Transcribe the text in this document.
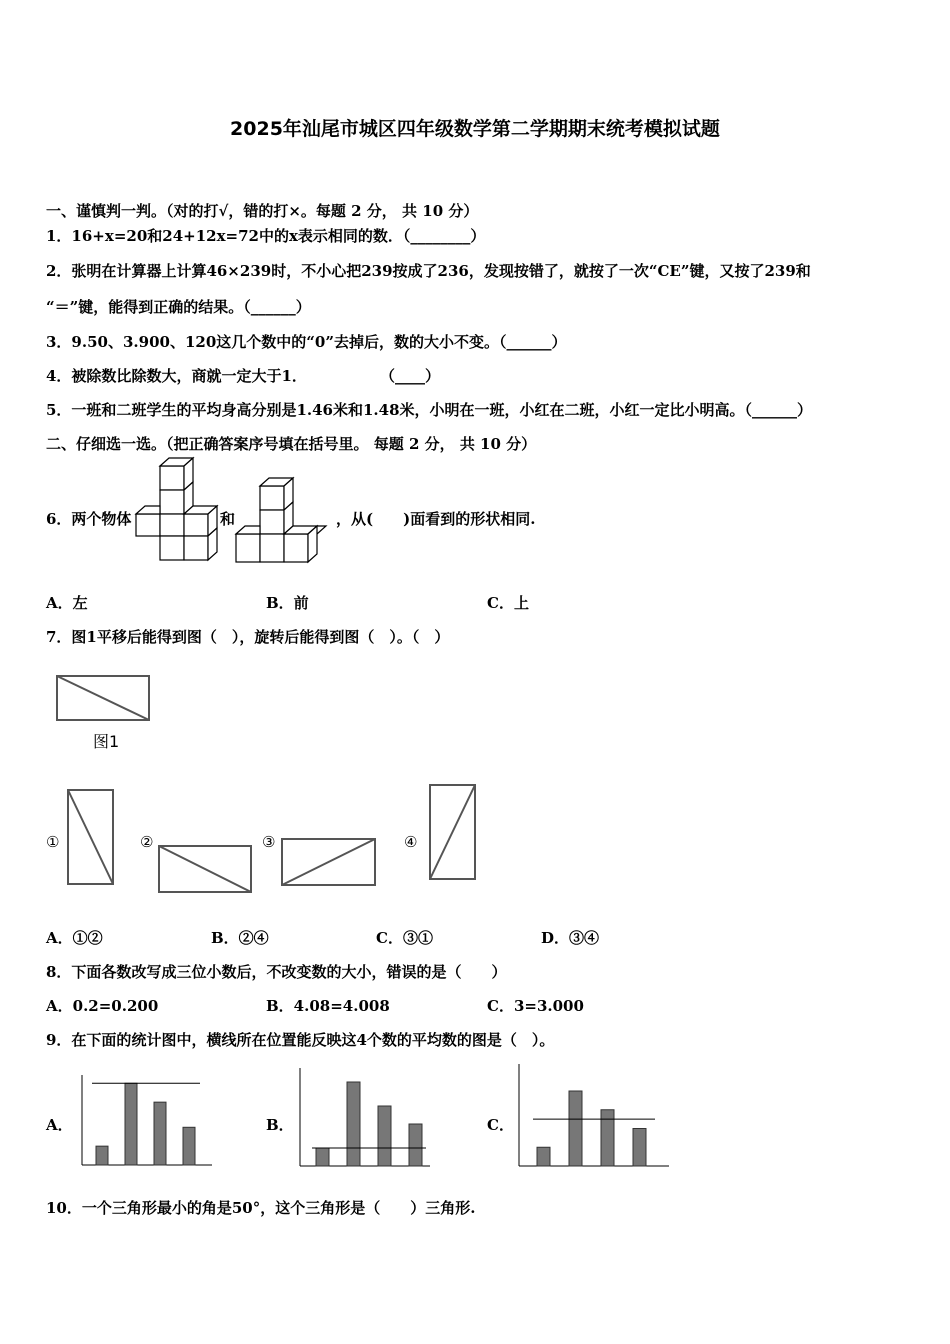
2025年汕尾市城区四年级数学第二学期期末统考模拟试题
一、谨慎判一判。（对的打√，错的打×。每题 2 分， 共 10 分）
1．16+x=20和24+12x=72中的x表示相同的数．（________）
2．张明在计算器上计算46×239时，不小心把239按成了236，发现按错了，就按了一次“CE”键，又按了239和
“＝”键，能得到正确的结果。（______）
3．9.50、3.900、120这几个数中的“0”去掉后，数的大小不变。（______）
4．被除数比除数大，商就一定大于1．	（____）
5．一班和二班学生的平均身高分别是1.46米和1.48米，小明在一班，小红在二班，小红一定比小明高。（______）
二、仔细选一选。（把正确答案序号填在括号里。 每题 2 分， 共 10 分）
6．两个物体	和	，从(　　)面看到的形状相同.
A．左	B．前	C．上
7．图1平移后能得到图（　），旋转后能得到图（　）。（　）
图1
①	②	③	④
A．①②	B．②④	C．③①	D．③④
8．下面各数改写成三位小数后，不改变数的大小，错误的是（　　）
A．0.2=0.200	B．4.08=4.008	C．3=3.000
9．在下面的统计图中，横线所在位置能反映这4个数的平均数的图是（　）。
A．	B．	C．
10．一个三角形最小的角是50°，这个三角形是（　　）三角形.
